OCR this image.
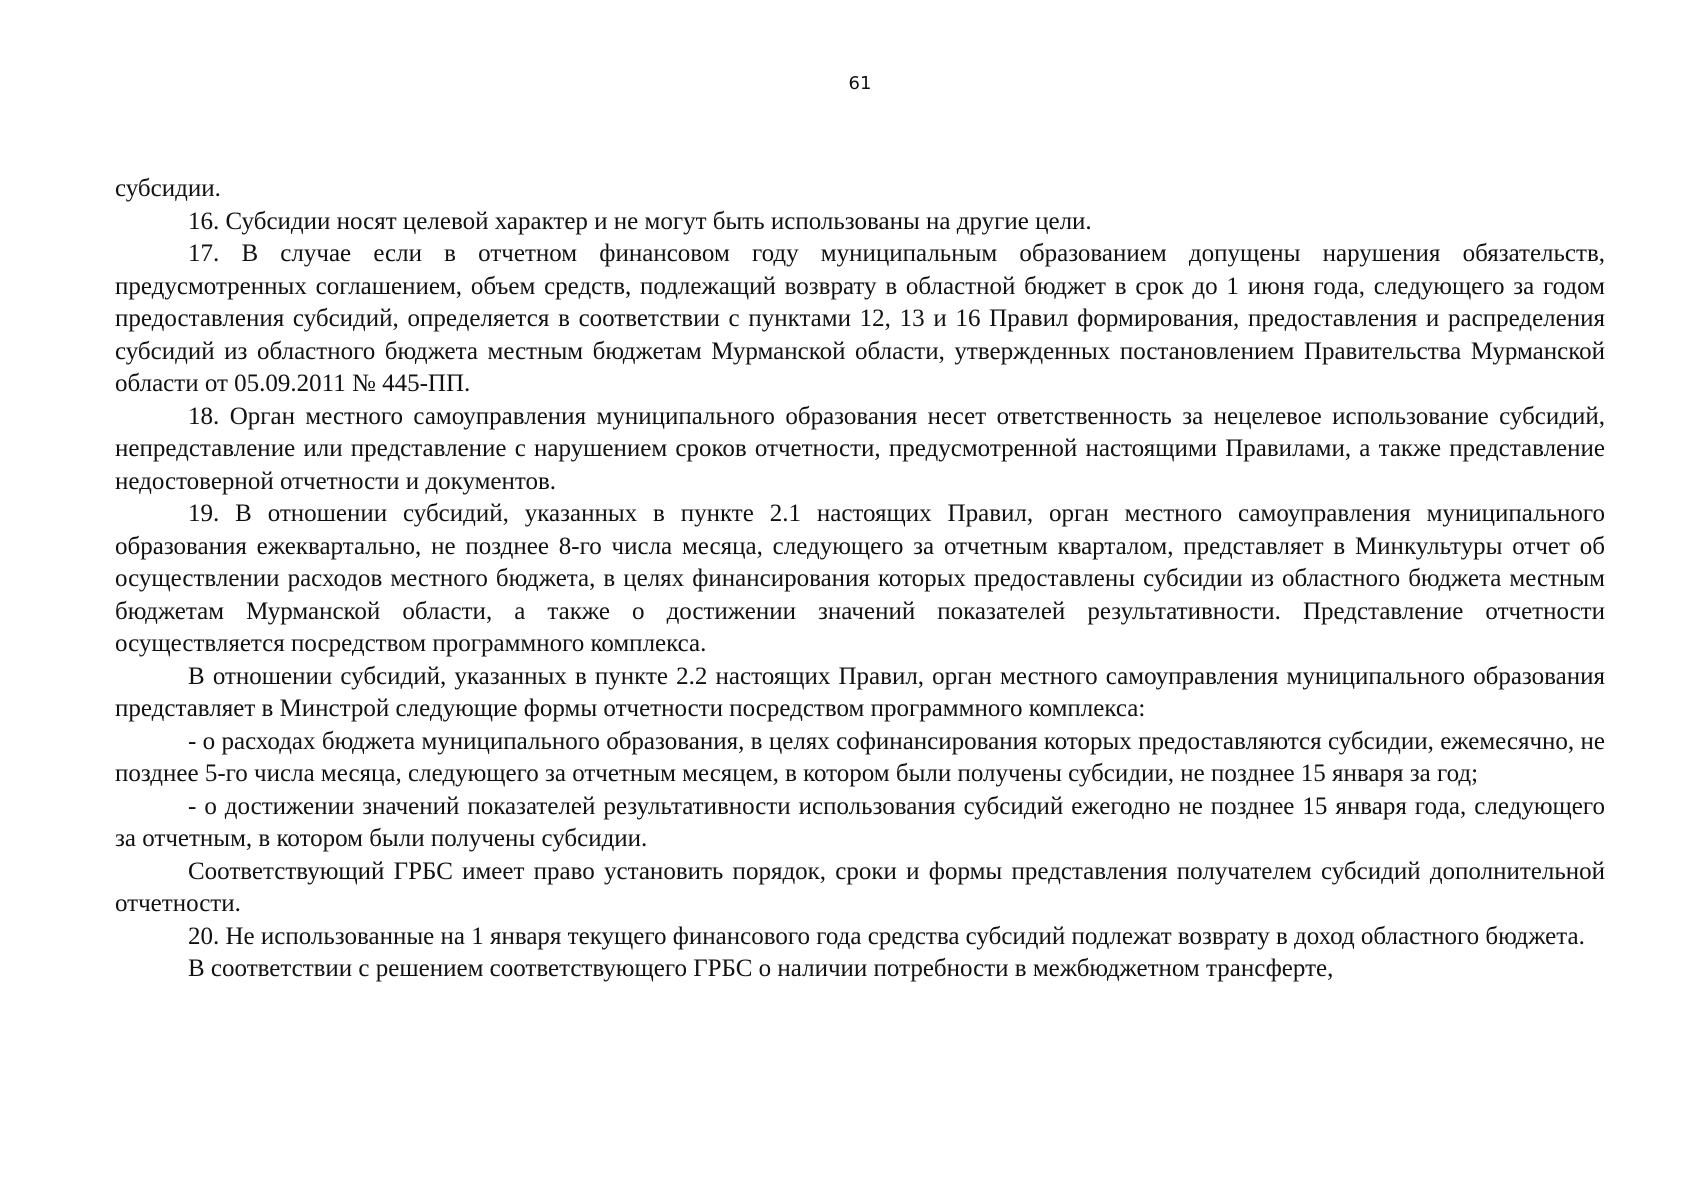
61

субсидии.

16. Субсидии носят целевой характер и не могут быть использованы на другие цели.

17. В случае если в отчетном финансовом году муниципальным образованием допущены нарушения обязательств, предусмотренных соглашением, объем средств, подлежащий возврату в областной бюджет в срок до 1 июня года, следующего за годом предоставления субсидий, определяется в соответствии с пунктами 12, 13 и 16 Правил формирования, предоставления и распределения субсидий из областного бюджета местным бюджетам Мурманской области, утвержденных постановлением Правительства Мурманской области от 05.09.2011 № 445-ПП.

18. Орган местного самоуправления муниципального образования несет ответственность за нецелевое использование субсидий, непредставление или представление с нарушением сроков отчетности, предусмотренной настоящими Правилами, а также представление недостоверной отчетности и документов.

19. В отношении субсидий, указанных в пункте 2.1 настоящих Правил, орган местного самоуправления муниципального образования ежеквартально, не позднее 8-го числа месяца, следующего за отчетным кварталом, представляет в Минкультуры отчет об осуществлении расходов местного бюджета, в целях финансирования которых предоставлены субсидии из областного бюджета местным бюджетам Мурманской области, а также о достижении значений показателей результативности. Представление отчетности осуществляется посредством программного комплекса.

В отношении субсидий, указанных в пункте 2.2 настоящих Правил, орган местного самоуправления муниципального образования представляет в Минстрой следующие формы отчетности посредством программного комплекса:

- о расходах бюджета муниципального образования, в целях софинансирования которых предоставляются субсидии, ежемесячно, не позднее 5-го числа месяца, следующего за отчетным месяцем, в котором были получены субсидии, не позднее 15 января за год;

- о достижении значений показателей результативности использования субсидий ежегодно не позднее 15 января года, следующего за отчетным, в котором были получены субсидии.

Соответствующий ГРБС имеет право установить порядок, сроки и формы представления получателем субсидий дополнительной отчетности.

20. Не использованные на 1 января текущего финансового года средства субсидий подлежат возврату в доход областного бюджета.

В соответствии с решением соответствующего ГРБС о наличии потребности в межбюджетном трансферте,
